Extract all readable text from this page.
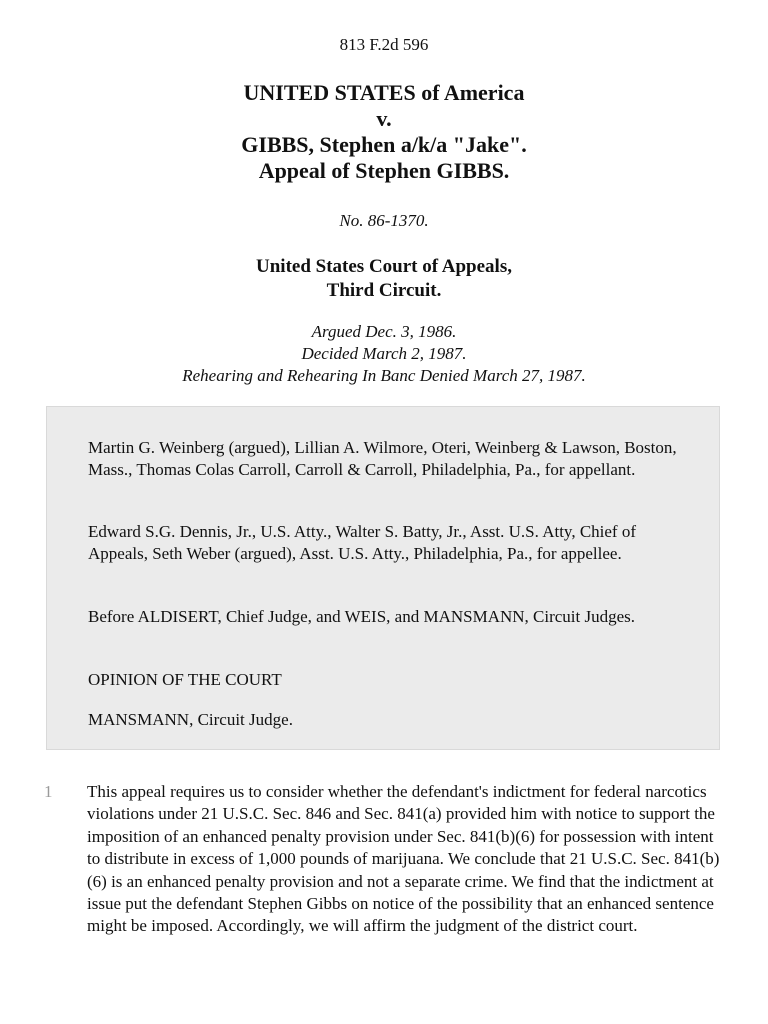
813 F.2d 596
UNITED STATES of America
v.
GIBBS, Stephen a/k/a "Jake".
Appeal of Stephen GIBBS.
No. 86-1370.
United States Court of Appeals,
Third Circuit.
Argued Dec. 3, 1986.
Decided March 2, 1987.
Rehearing and Rehearing In Banc Denied March 27, 1987.
Martin G. Weinberg (argued), Lillian A. Wilmore, Oteri, Weinberg & Lawson, Boston, Mass., Thomas Colas Carroll, Carroll & Carroll, Philadelphia, Pa., for appellant.
Edward S.G. Dennis, Jr., U.S. Atty., Walter S. Batty, Jr., Asst. U.S. Atty, Chief of Appeals, Seth Weber (argued), Asst. U.S. Atty., Philadelphia, Pa., for appellee.
Before ALDISERT, Chief Judge, and WEIS, and MANSMANN, Circuit Judges.
OPINION OF THE COURT
MANSMANN, Circuit Judge.
1 This appeal requires us to consider whether the defendant's indictment for federal narcotics violations under 21 U.S.C. Sec. 846 and Sec. 841(a) provided him with notice to support the imposition of an enhanced penalty provision under Sec. 841(b)(6) for possession with intent to distribute in excess of 1,000 pounds of marijuana. We conclude that 21 U.S.C. Sec. 841(b)(6) is an enhanced penalty provision and not a separate crime. We find that the indictment at issue put the defendant Stephen Gibbs on notice of the possibility that an enhanced sentence might be imposed. Accordingly, we will affirm the judgment of the district court.
